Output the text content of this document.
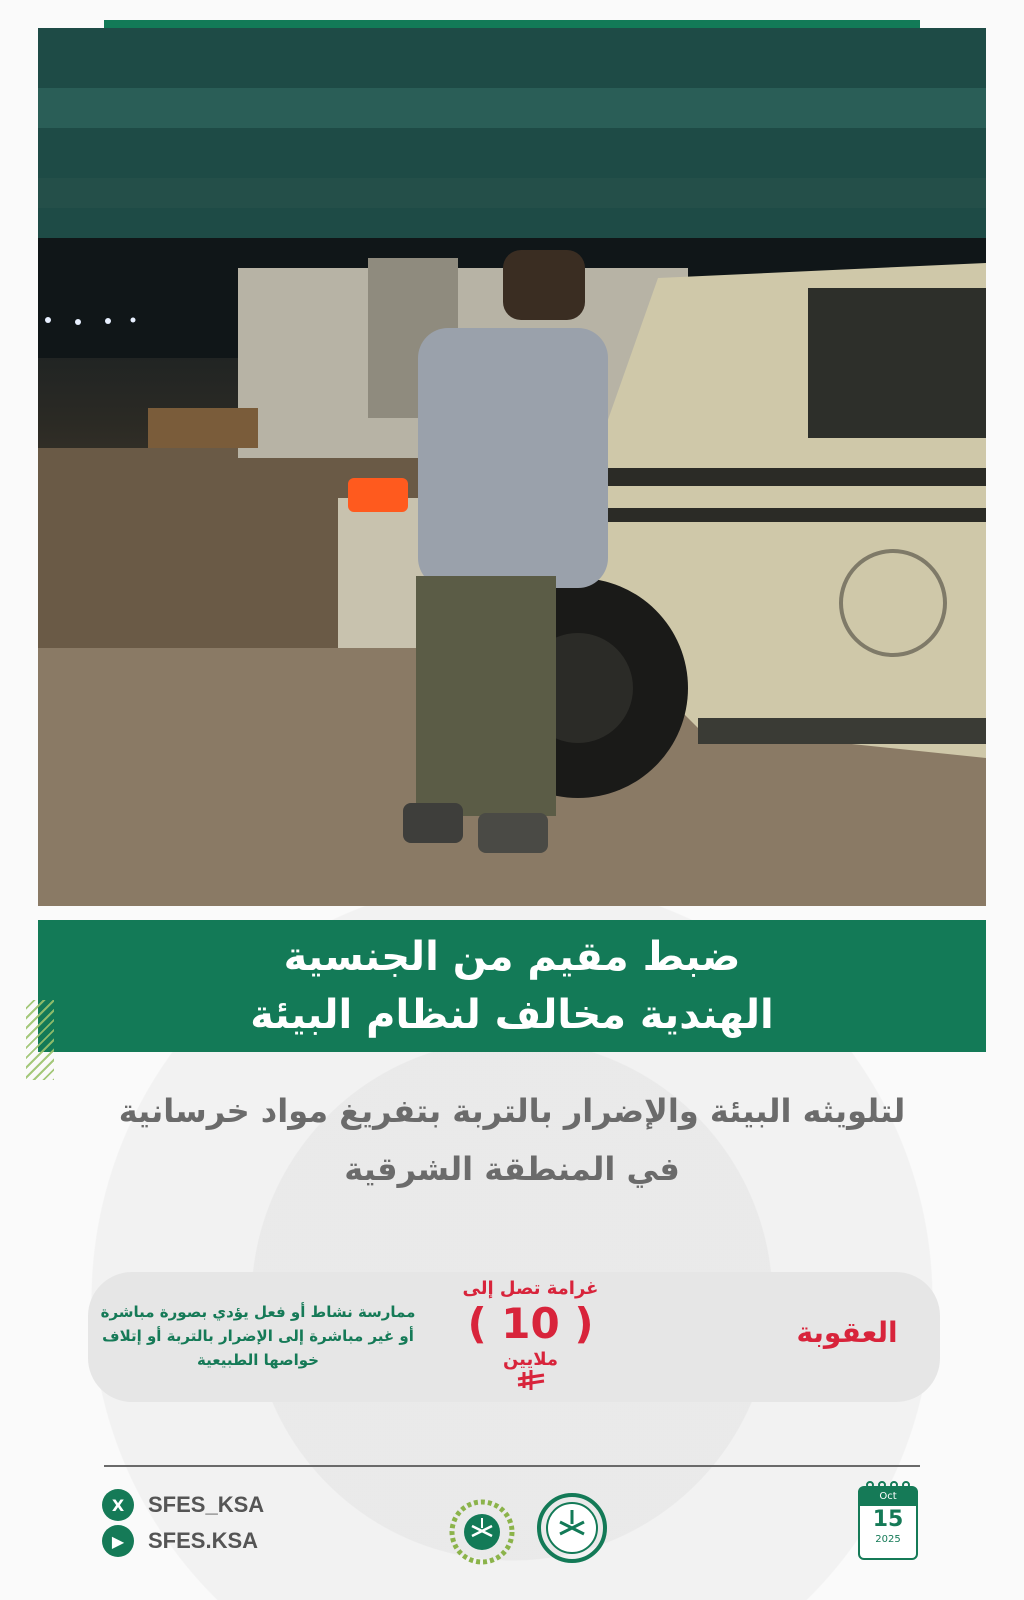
ضبط مقيم من الجنسية
الهندية مخالف لنظام البيئة
لتلويثه البيئة والإضرار بالتربة بتفريغ مواد خرسانية
في المنطقة الشرقية
العقوبة
غرامة تصل إلى
( 10 )
ملايين
ممارسة نشاط أو فعل يؤدي بصورة مباشرة
أو غير مباشرة إلى الإضرار بالتربة أو إتلاف
خواصها الطبيعية
X	SFES_KSA
▶	SFES.KSA
Oct
15
2025
